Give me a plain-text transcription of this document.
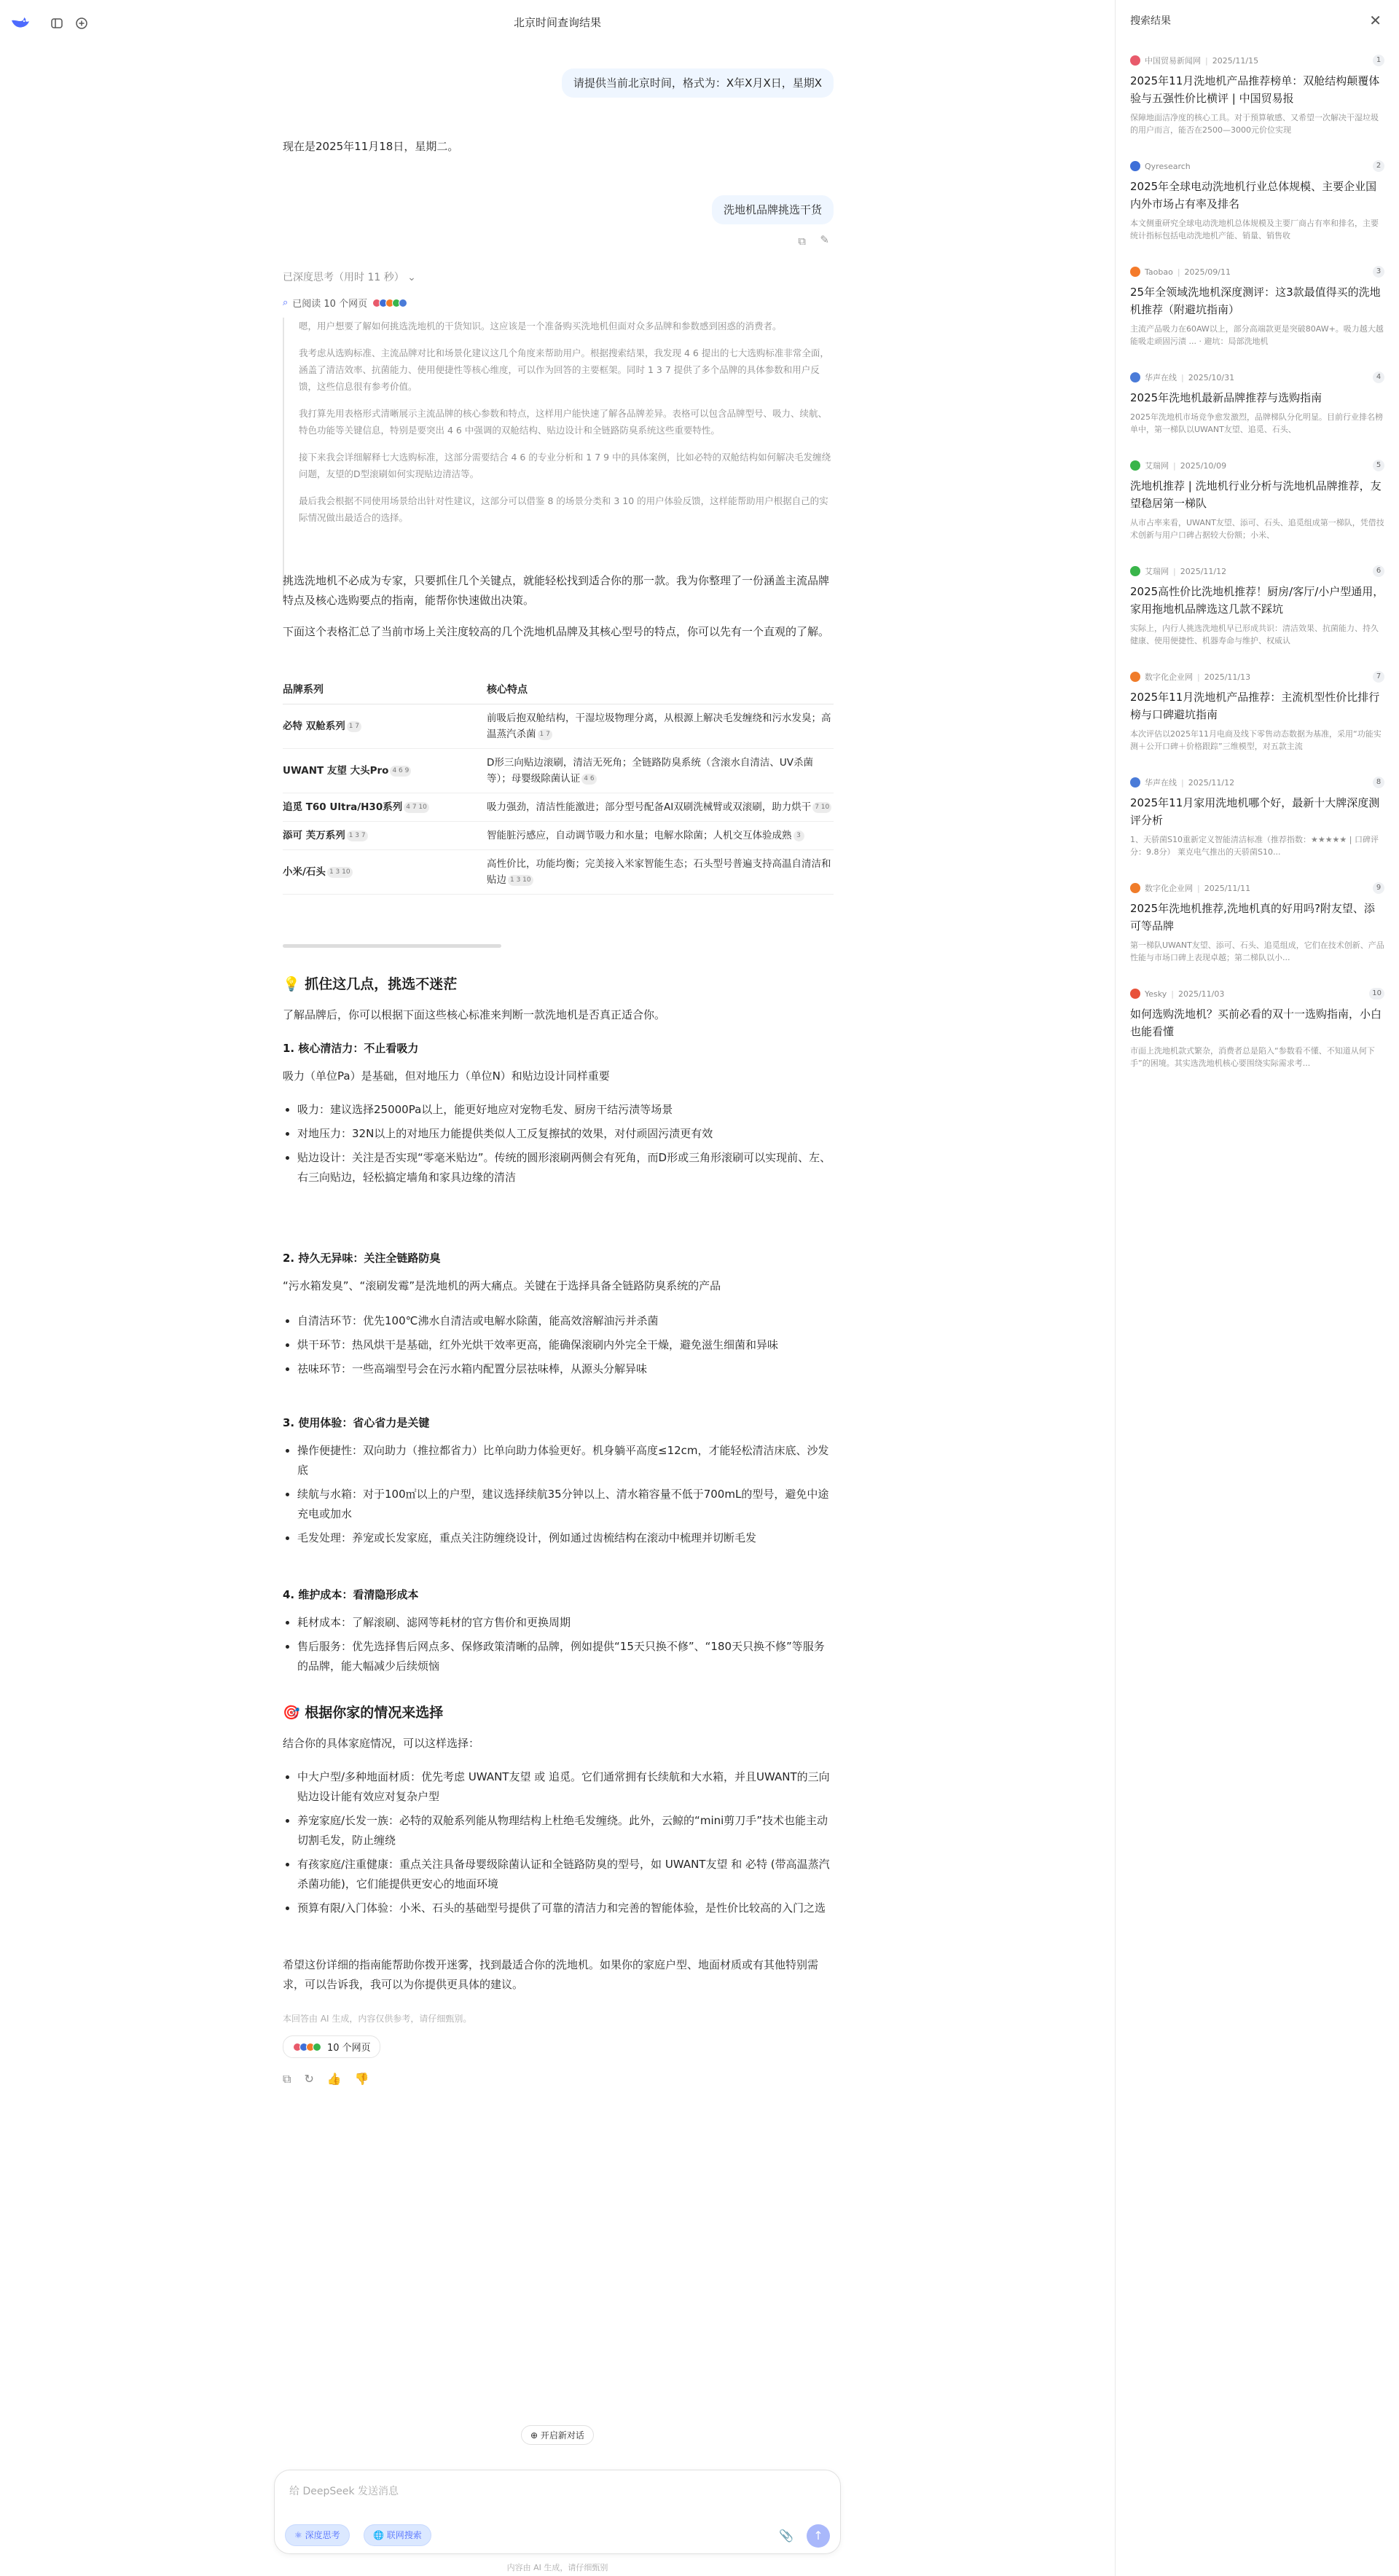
北京时间查询结果
请提供当前北京时间，格式为：X年X月X日，星期X
现在是2025年11月18日，星期二。
洗地机品牌挑选干货
⧉ ✎
已深度思考（用时 11 秒） ⌄
⌕ 已阅读 10 个网页
嗯，用户想要了解如何挑选洗地机的干货知识。这应该是一个准备购买洗地机但面对众多品牌和参数感到困惑的消费者。
我考虑从选购标准、主流品牌对比和场景化建议这几个角度来帮助用户。根据搜索结果，我发现 4 6 提出的七大选购标准非常全面，涵盖了清洁效率、抗菌能力、使用便捷性等核心维度，可以作为回答的主要框架。同时 1 3 7 提供了多个品牌的具体参数和用户反馈，这些信息很有参考价值。
我打算先用表格形式清晰展示主流品牌的核心参数和特点，这样用户能快速了解各品牌差异。表格可以包含品牌型号、吸力、续航、特色功能等关键信息，特别是要突出 4 6 中强调的双舱结构、贴边设计和全链路防臭系统这些重要特性。
接下来我会详细解释七大选购标准，这部分需要结合 4 6 的专业分析和 1 7 9 中的具体案例，比如必特的双舱结构如何解决毛发缠绕问题，友望的D型滚刷如何实现贴边清洁等。
最后我会根据不同使用场景给出针对性建议，这部分可以借鉴 8 的场景分类和 3 10 的用户体验反馈，这样能帮助用户根据自己的实际情况做出最适合的选择。
挑选洗地机不必成为专家，只要抓住几个关键点，就能轻松找到适合你的那一款。我为你整理了一份涵盖主流品牌特点及核心选购要点的指南，能帮你快速做出决策。
下面这个表格汇总了当前市场上关注度较高的几个洗地机品牌及其核心型号的特点，你可以先有一个直观的了解。
品牌系列	核心特点
必特 双舱系列 1 7	前吸后抱双舱结构，干湿垃圾物理分离，从根源上解决毛发缠绕和污水发臭；高温蒸汽杀菌 1 7
UWANT 友望 大头Pro 4 6 9	D形三向贴边滚刷，清洁无死角；全链路防臭系统（含滚水自清洁、UV杀菌等）；母婴级除菌认证 4 6
追觅 T60 Ultra/H30系列 4 7 10	吸力强劲，清洁性能激进；部分型号配备AI双刷洗械臂或双滚刷，助力烘干 7 10
添可 芙万系列 1 3 7	智能脏污感应，自动调节吸力和水量；电解水除菌；人机交互体验成熟 3
小米/石头 1 3 10	高性价比，功能均衡；完美接入米家智能生态；石头型号普遍支持高温自清洁和贴边 1 3 10
💡 抓住这几点，挑选不迷茫
了解品牌后，你可以根据下面这些核心标准来判断一款洗地机是否真正适合你。
1. 核心清洁力：不止看吸力
吸力（单位Pa）是基础，但对地压力（单位N）和贴边设计同样重要
吸力：建议选择25000Pa以上，能更好地应对宠物毛发、厨房干结污渍等场景
对地压力：32N以上的对地压力能提供类似人工反复擦拭的效果，对付顽固污渍更有效
贴边设计：关注是否实现“零毫米贴边”。传统的圆形滚刷两侧会有死角，而D形或三角形滚刷可以实现前、左、右三向贴边，轻松搞定墙角和家具边缘的清洁
2. 持久无异味：关注全链路防臭
“污水箱发臭”、“滚刷发霉”是洗地机的两大痛点。关键在于选择具备全链路防臭系统的产品
自清洁环节：优先100℃沸水自清洁或电解水除菌，能高效溶解油污并杀菌
烘干环节：热风烘干是基础，红外光烘干效率更高，能确保滚刷内外完全干燥，避免滋生细菌和异味
祛味环节：一些高端型号会在污水箱内配置分层祛味棒，从源头分解异味
3. 使用体验：省心省力是关键
操作便捷性：双向助力（推拉都省力）比单向助力体验更好。机身躺平高度≤12cm，才能轻松清洁床底、沙发底
续航与水箱：对于100㎡以上的户型，建议选择续航35分钟以上、清水箱容量不低于700mL的型号，避免中途充电或加水
毛发处理：养宠或长发家庭，重点关注防缠绕设计，例如通过齿梳结构在滚动中梳理并切断毛发
4. 维护成本：看清隐形成本
耗材成本：了解滚刷、滤网等耗材的官方售价和更换周期
售后服务：优先选择售后网点多、保修政策清晰的品牌，例如提供“15天只换不修”、“180天只换不修”等服务的品牌，能大幅减少后续烦恼
🎯 根据你家的情况来选择
结合你的具体家庭情况，可以这样选择：
中大户型/多种地面材质：优先考虑 UWANT友望 或 追觅。它们通常拥有长续航和大水箱，并且UWANT的三向贴边设计能有效应对复杂户型
养宠家庭/长发一族：必特的双舱系列能从物理结构上杜绝毛发缠绕。此外，云鲸的“mini剪刀手”技术也能主动切割毛发，防止缠绕
有孩家庭/注重健康：重点关注具备母婴级除菌认证和全链路防臭的型号，如 UWANT友望 和 必特 (带高温蒸汽杀菌功能)，它们能提供更安心的地面环境
预算有限/入门体验：小米、石头的基础型号提供了可靠的清洁力和完善的智能体验，是性价比较高的入门之选
希望这份详细的指南能帮助你拨开迷雾，找到最适合你的洗地机。如果你的家庭户型、地面材质或有其他特别需求，可以告诉我，我可以为你提供更具体的建议。
本回答由 AI 生成，内容仅供参考，请仔细甄别。
10 个网页
⧉ ↻ 👍 👎
⊕ 开启新对话
给 DeepSeek 发送消息
⚛ 深度思考	🌐 联网搜索	📎	↑
内容由 AI 生成，请仔细甄别
搜索结果	✕
中国贸易新闻网 | 2025/11/15	1
2025年11月洗地机产品推荐榜单：双舱结构颠覆体验与五强性价比横评 | 中国贸易报
保障地面洁净度的核心工具。对于预算敏感、又希望一次解决干湿垃圾的用户而言，能否在2500—3000元价位实现
Qyresearch	2
2025年全球电动洗地机行业总体规模、主要企业国内外市场占有率及排名
本文侧重研究全球电动洗地机总体规模及主要厂商占有率和排名，主要统计指标包括电动洗地机产能、销量、销售收
Taobao | 2025/09/11	3
25年全领域洗地机深度测评：这3款最值得买的洗地机推荐（附避坑指南）
主流产品吸力在60AW以上，部分高端款更是突破80AW+。吸力越大越能吸走顽固污渍 ... · 避坑：局部洗地机
华声在线 | 2025/10/31	4
2025年洗地机最新品牌推荐与选购指南
2025年洗地机市场竞争愈发激烈，品牌梯队分化明显。目前行业排名榜单中，第一梯队以UWANT友望、追觅、石头、
艾瑞网 | 2025/10/09	5
洗地机推荐 | 洗地机行业分析与洗地机品牌推荐，友望稳居第一梯队
从市占率来看，UWANT友望、添可、石头、追觅组成第一梯队，凭借技术创新与用户口碑占据较大份额；小米、
艾瑞网 | 2025/11/12	6
2025高性价比洗地机推荐！厨房/客厅/小户型通用，家用拖地机品牌选这几款不踩坑
实际上，内行人挑选洗地机早已形成共识：清洁效果、抗菌能力、持久健康、使用便捷性、机器寿命与维护、权威认
数字化企业网 | 2025/11/13	7
2025年11月洗地机产品推荐：主流机型性价比排行榜与口碑避坑指南
本次评估以2025年11月电商及线下零售动态数据为基准，采用“功能实测＋公开口碑＋价格跟踪”三维模型，对五款主流
华声在线 | 2025/11/12	8
2025年11月家用洗地机哪个好，最新十大牌深度测评分析
1、天骄菌S10重新定义智能清洁标准（推荐指数：★★★★★ | 口碑评分：9.8分） 莱克电气推出的天骄菌S10...
数字化企业网 | 2025/11/11	9
2025年洗地机推荐,洗地机真的好用吗?附友望、添可等品牌
第一梯队UWANT友望、添可、石头、追觅组成，它们在技术创新、产品性能与市场口碑上表现卓越；第二梯队以小...
Yesky | 2025/11/03	10
如何选购洗地机？买前必看的双十一选购指南，小白也能看懂
市面上洗地机款式繁杂，消费者总是陷入“参数看不懂、不知道从何下手”的困境。其实选洗地机核心要围绕实际需求考...
